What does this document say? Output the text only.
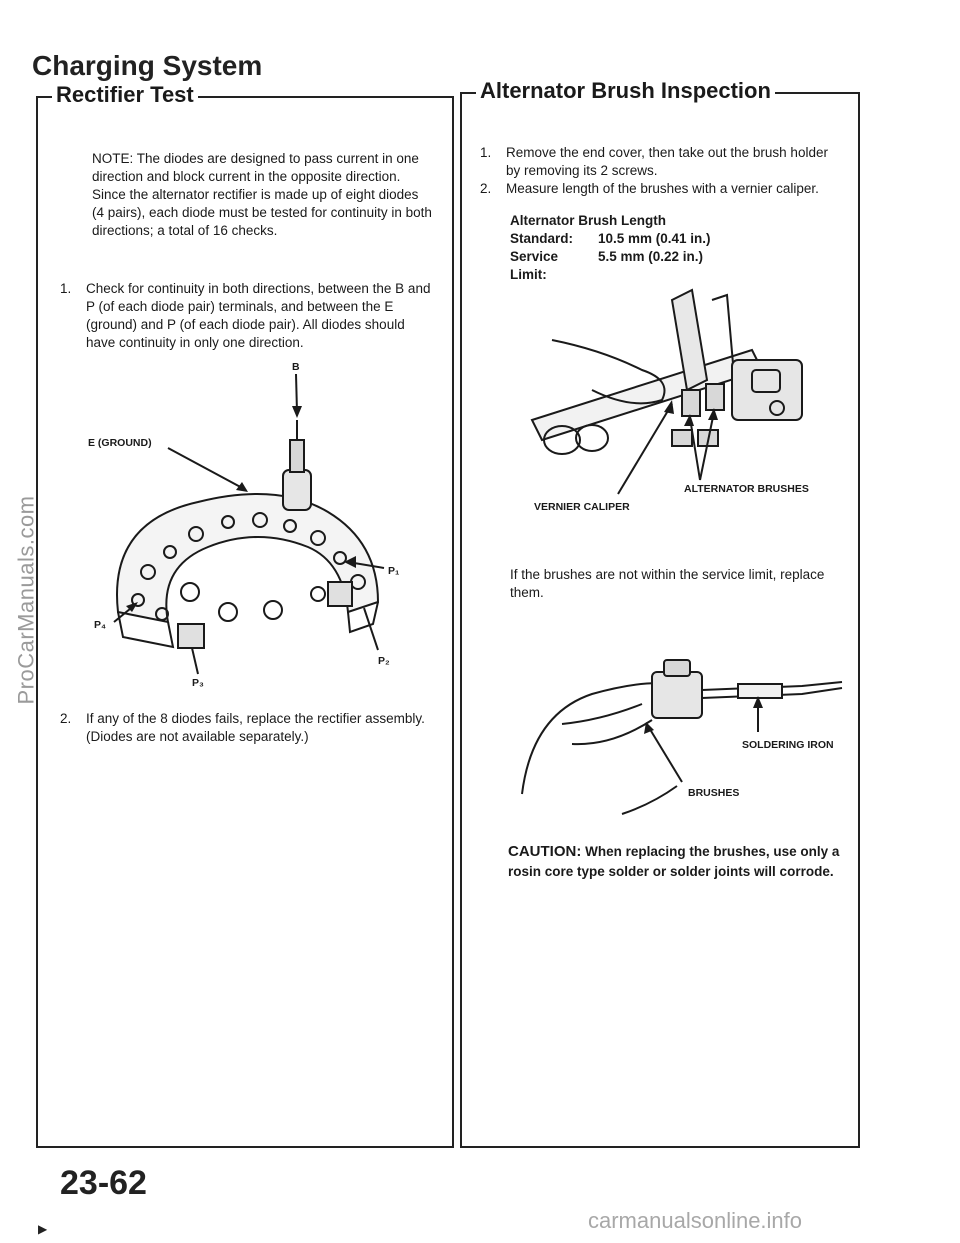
ProCarManuals.com
Charging System
Rectifier Test

NOTE: The diodes are designed to pass current in one direction and block current in the opposite direction. Since the alternator rectifier is made up of eight diodes (4 pairs), each diode must be tested for continuity in both directions; a total of 16 checks.

1.	Check for continuity in both directions, between the B and P (of each diode pair) terminals, and between the E (ground) and P (of each diode pair). All diodes should have continuity in only one direction.
B
E (GROUND)
P₁
P₂
P₃
P₄
2.	If any of the 8 diodes fails, replace the rectifier assembly. (Diodes are not available separately.)
Alternator Brush Inspection
1.	Remove the end cover, then take out the brush holder by removing its 2 screws.
2.	Measure length of the brushes with a vernier caliper.
Alternator Brush Length
Standard:	10.5 mm (0.41 in.)
Service Limit:
5.5 mm (0.22 in.)
ALTERNATOR BRUSHES
VERNIER CALIPER

If the brushes are not within the service limit, replace them.

SOLDERING IRON
BRUSHES
CAUTION: When replacing the brushes, use only a rosin core type solder or solder joints will corrode.
23-62
▶	carmanualsonline.info
